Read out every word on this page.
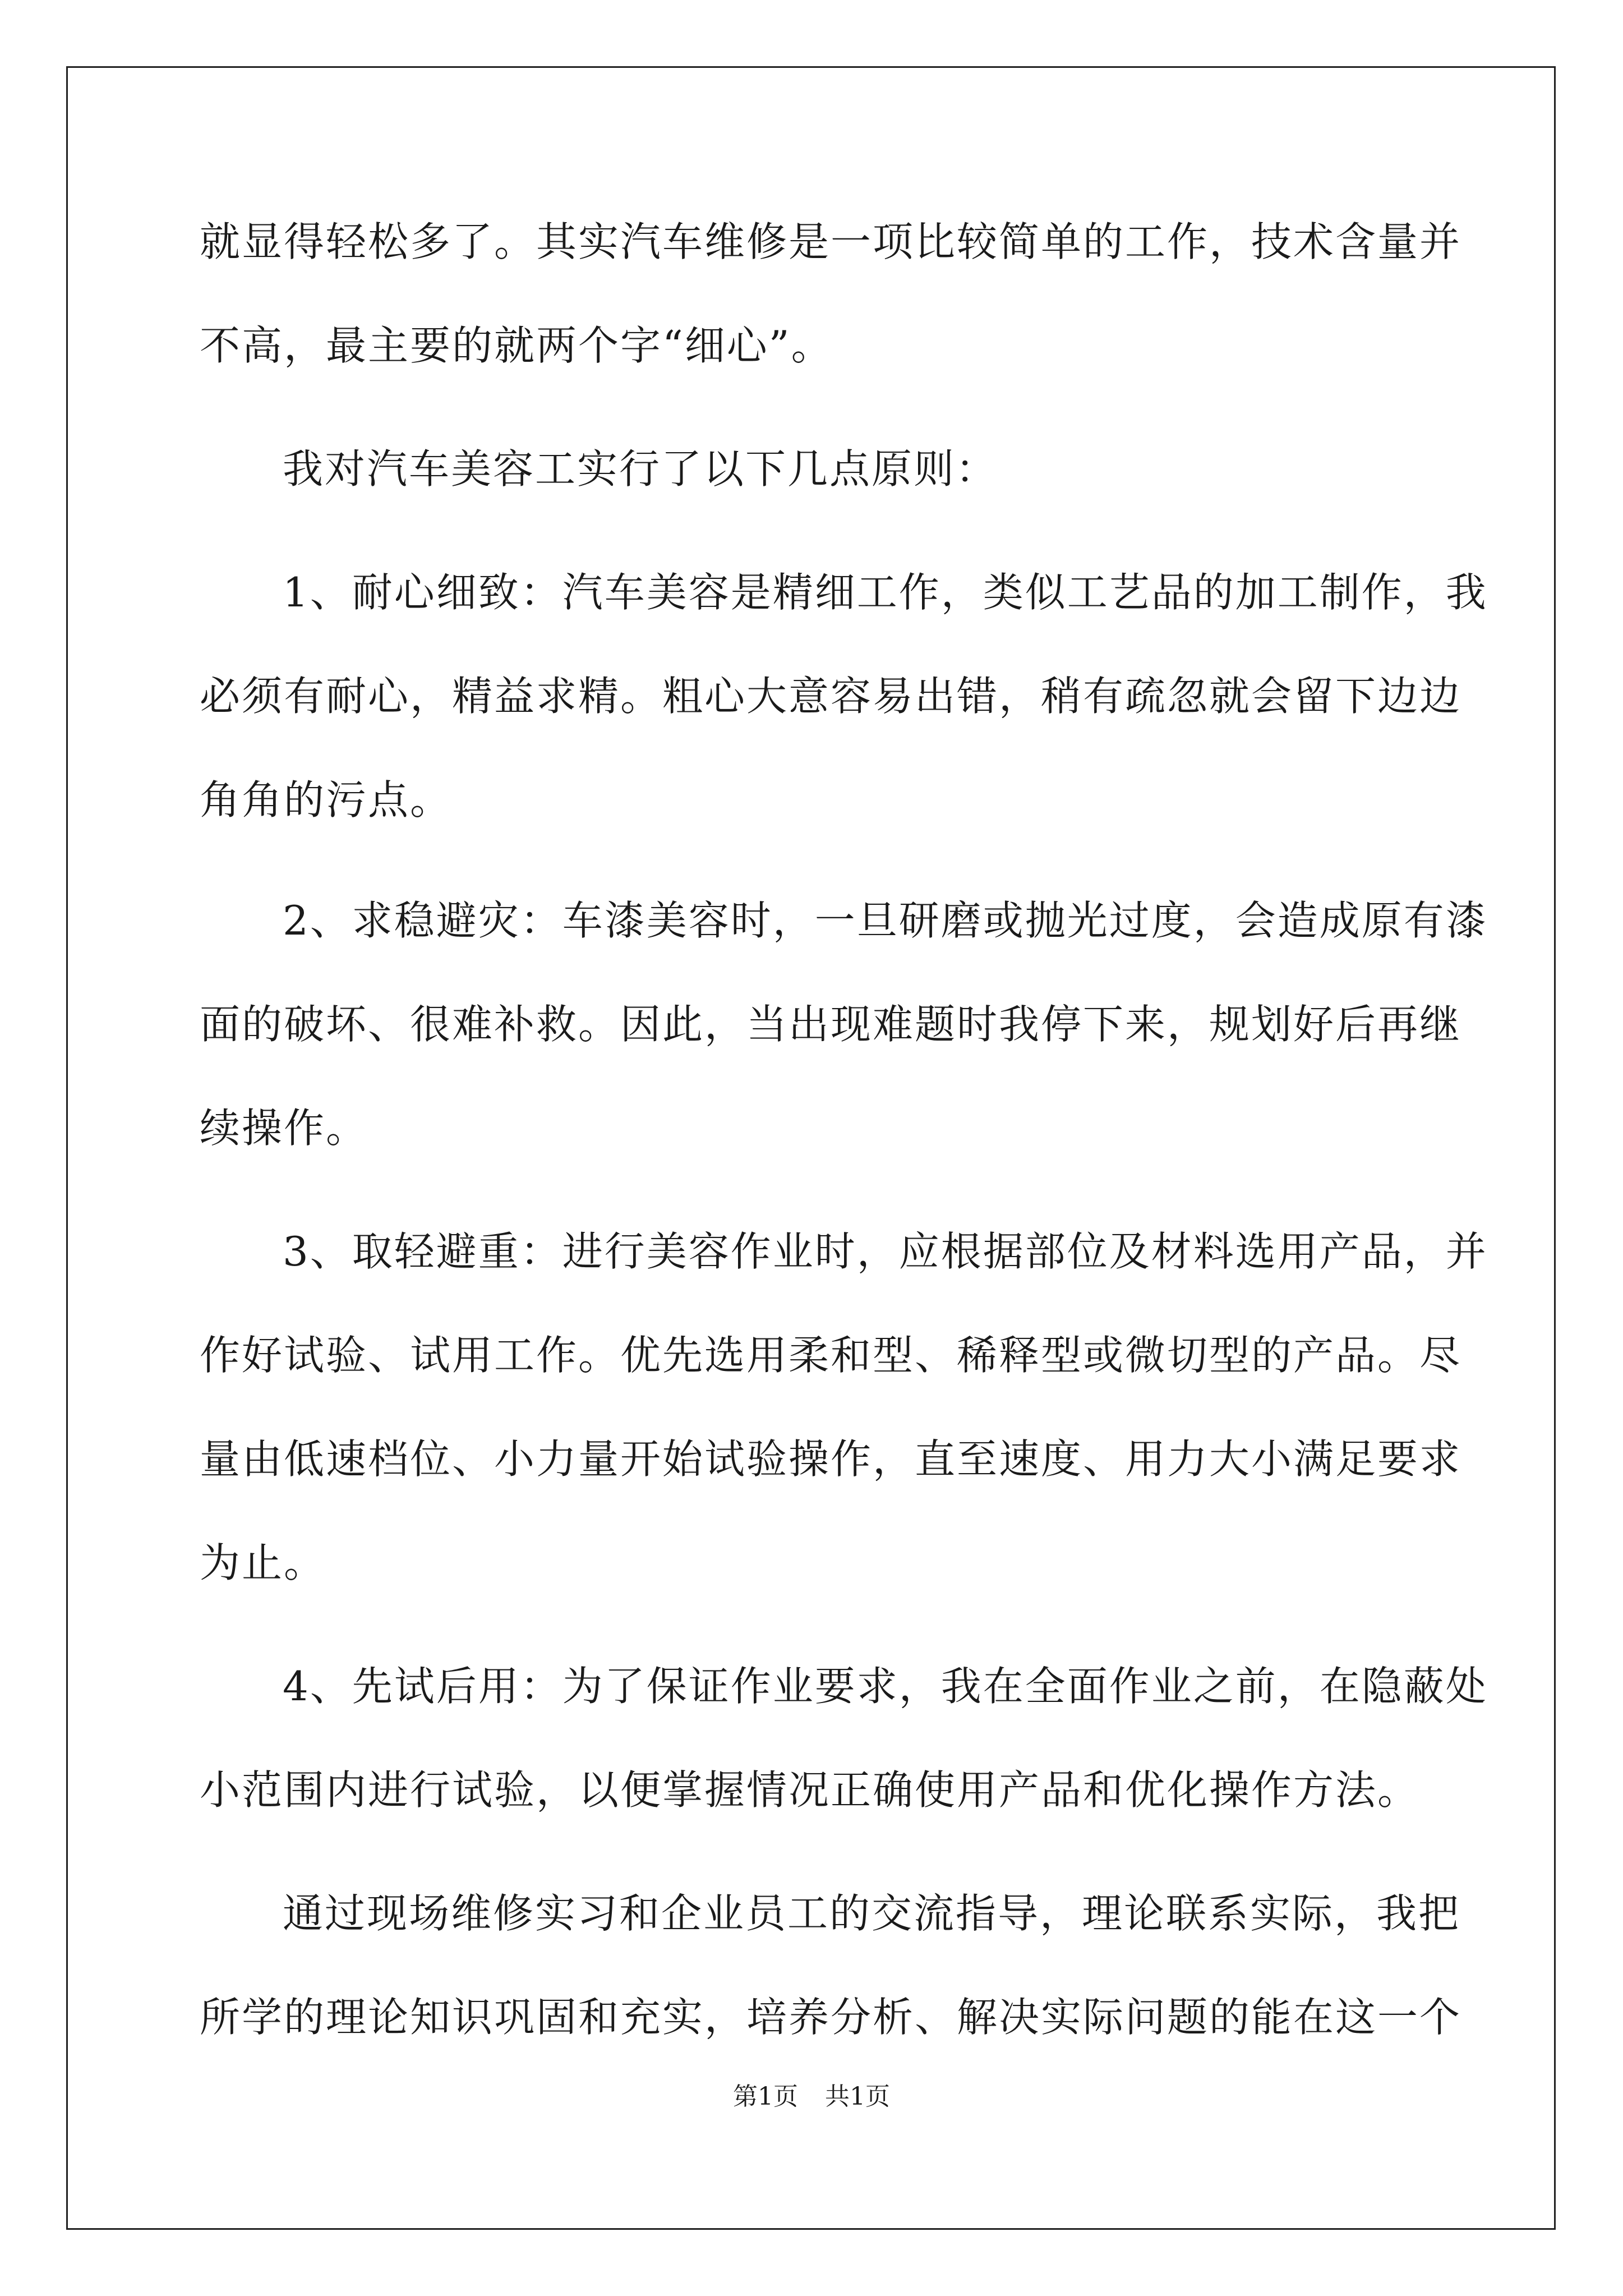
就显得轻松多了。其实汽车维修是一项比较简单的工作，技术含量并
不高，最主要的就两个字“细心”。
我对汽车美容工实行了以下几点原则：
1、耐心细致：汽车美容是精细工作，类似工艺品的加工制作，我
必须有耐心，精益求精。粗心大意容易出错，稍有疏忽就会留下边边
角角的污点。
2、求稳避灾：车漆美容时，一旦研磨或抛光过度，会造成原有漆
面的破坏、很难补救。因此，当出现难题时我停下来，规划好后再继
续操作。
3、取轻避重：进行美容作业时，应根据部位及材料选用产品，并
作好试验、试用工作。优先选用柔和型、稀释型或微切型的产品。尽
量由低速档位、小力量开始试验操作，直至速度、用力大小满足要求
为止。
4、先试后用：为了保证作业要求，我在全面作业之前，在隐蔽处
小范围内进行试验，以便掌握情况正确使用产品和优化操作方法。
通过现场维修实习和企业员工的交流指导，理论联系实际，我把
所学的理论知识巩固和充实，培养分析、解决实际问题的能在这一个
第1页 共1页
